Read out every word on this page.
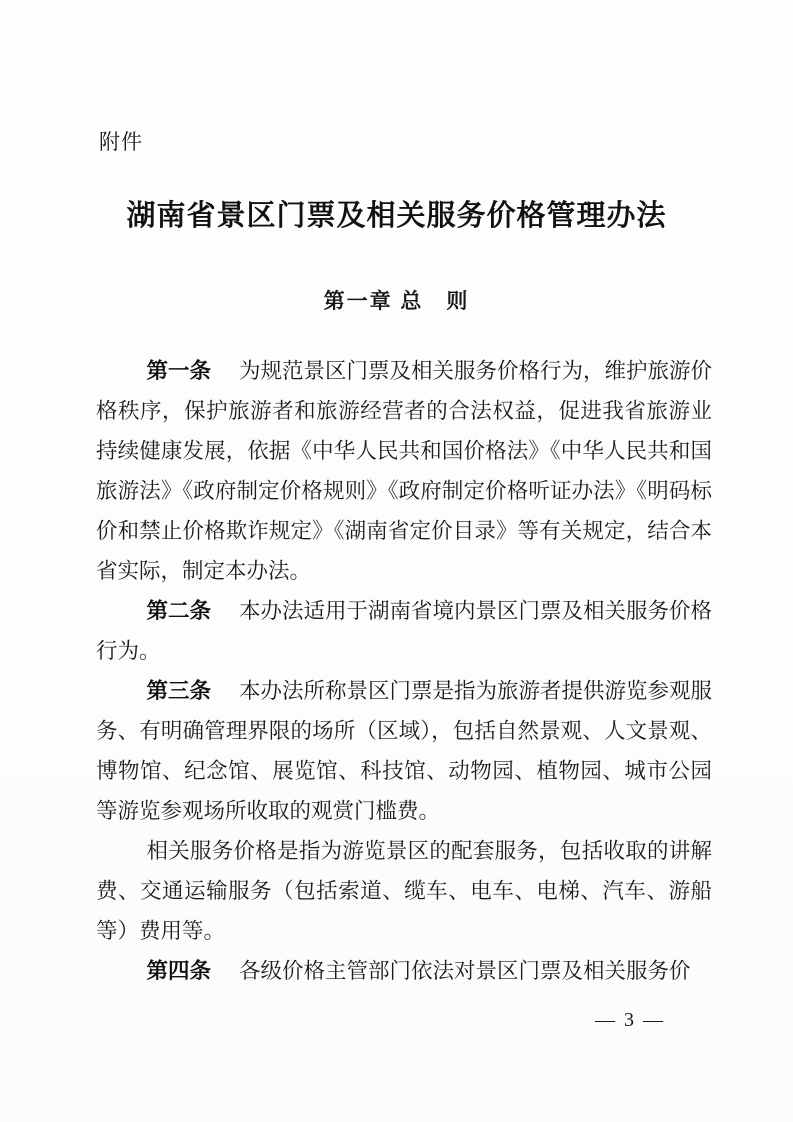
附件
湖南省景区门票及相关服务价格管理办法
第一章 总　则

第一条 为规范景区门票及相关服务价格行为，维护旅游价格秩序，保护旅游者和旅游经营者的合法权益，促进我省旅游业持续健康发展，依据《中华人民共和国价格法》《中华人民共和国旅游法》《政府制定价格规则》《政府制定价格听证办法》《明码标价和禁止价格欺诈规定》《湖南省定价目录》等有关规定，结合本省实际，制定本办法。

第二条 本办法适用于湖南省境内景区门票及相关服务价格行为。

第三条 本办法所称景区门票是指为旅游者提供游览参观服务、有明确管理界限的场所（区域），包括自然景观、人文景观、博物馆、纪念馆、展览馆、科技馆、动物园、植物园、城市公园等游览参观场所收取的观赏门槛费。

相关服务价格是指为游览景区的配套服务，包括收取的讲解费、交通运输服务（包括索道、缆车、电车、电梯、汽车、游船等）费用等。

第四条 各级价格主管部门依法对景区门票及相关服务价

— 3 —
